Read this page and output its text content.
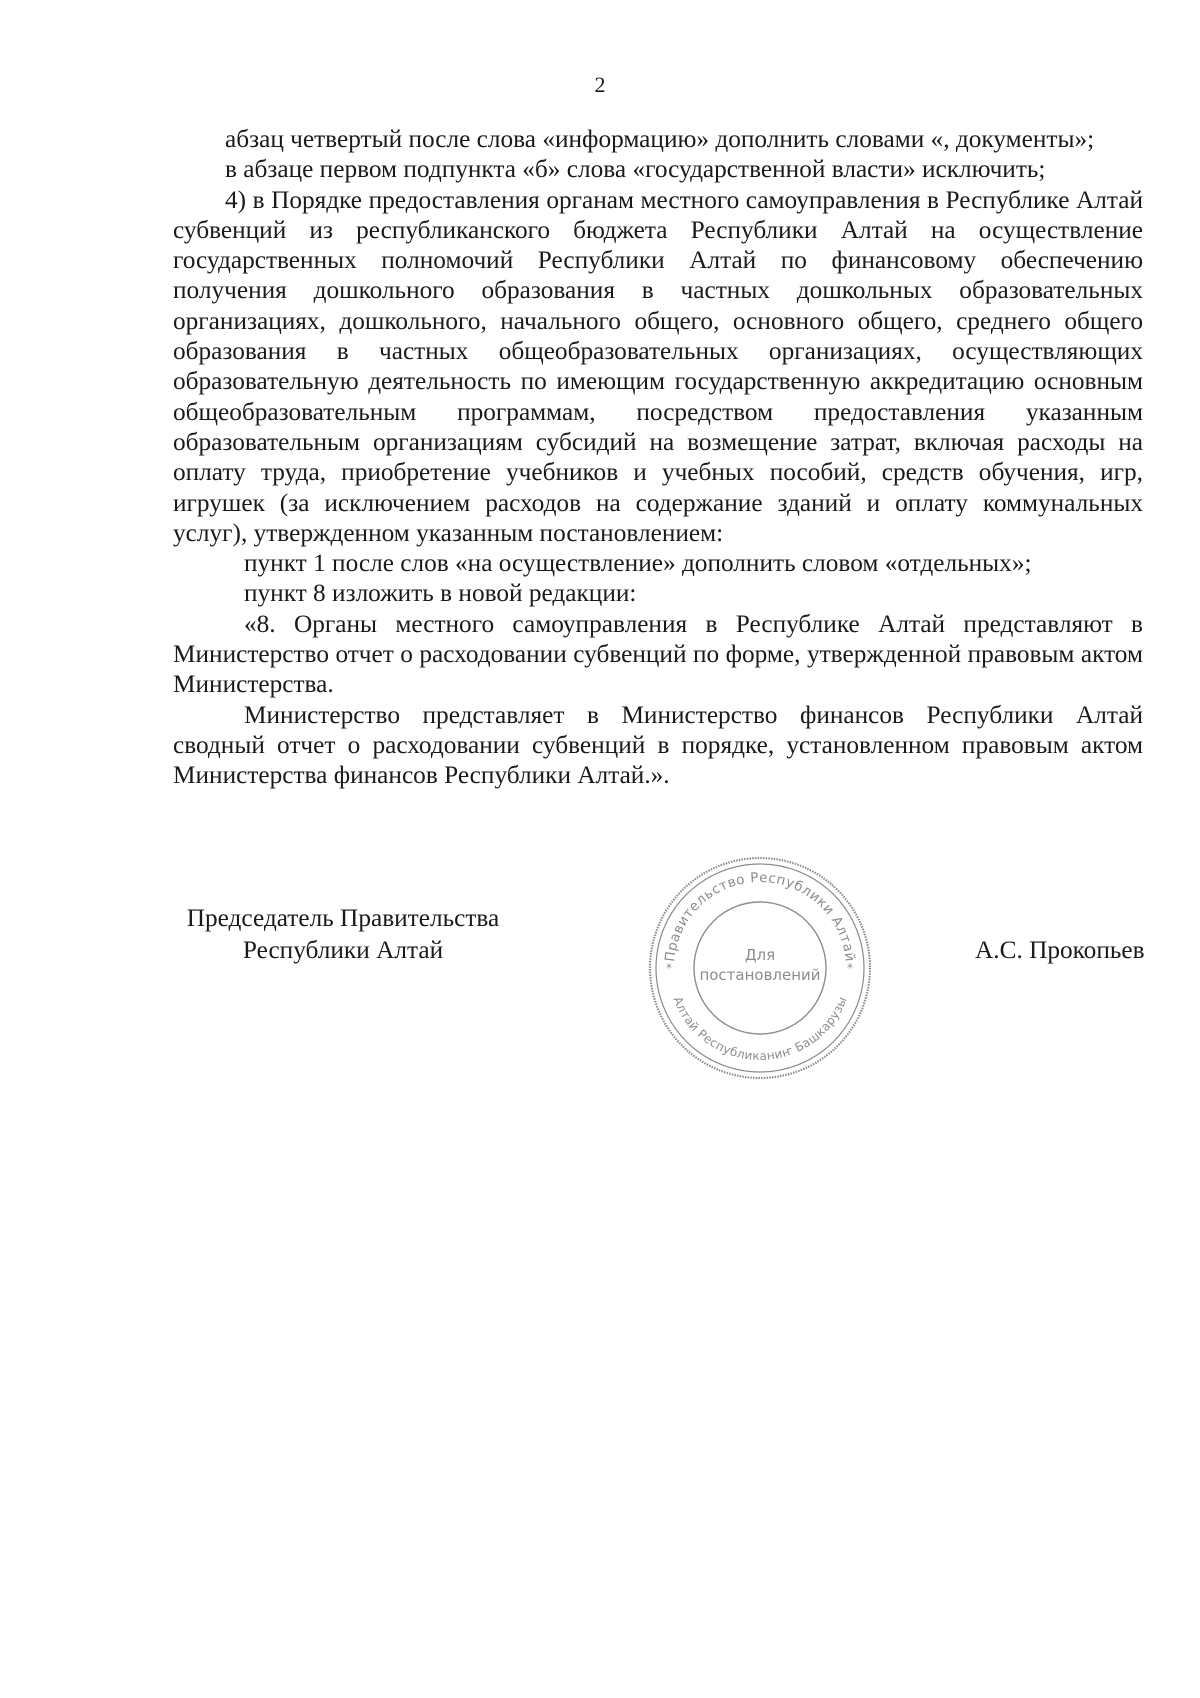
2

абзац четвертый после слова «информацию» дополнить словами «, документы»;

в абзаце первом подпункта «б» слова «государственной власти» исключить;

4) в Порядке предоставления органам местного самоуправления в Республике Алтай субвенций из республиканского бюджета Республики Алтай на осуществление государственных полномочий Республики Алтай по финансовому обеспечению получения дошкольного образования в частных дошкольных образовательных организациях, дошкольного, начального общего, основного общего, среднего общего образования в частных общеобразовательных организациях, осуществляющих образовательную деятельность по имеющим государственную аккредитацию основным общеобразовательным программам, посредством предоставления указанным образовательным организациям субсидий на возмещение затрат, включая расходы на оплату труда, приобретение учебников и учебных пособий, средств обучения, игр, игрушек (за исключением расходов на содержание зданий и оплату коммунальных услуг), утвержденном указанным постановлением:

пункт 1 после слов «на осуществление» дополнить словом «отдельных»;

пункт 8 изложить в новой редакции:

«8. Органы местного самоуправления в Республике Алтай представляют в Министерство отчет о расходовании субвенций по форме, утвержденной правовым актом Министерства.

Министерство представляет в Министерство финансов Республики Алтай сводный отчет о расходовании субвенций в порядке, установленном правовым актом Министерства финансов Республики Алтай.».

Председатель Правительства
Республики Алтай	Правительство Республики Алтай
Алтай Республиканиҥ Башкарузы
*	*
Для
постановлений
А.С. Прокопьев
